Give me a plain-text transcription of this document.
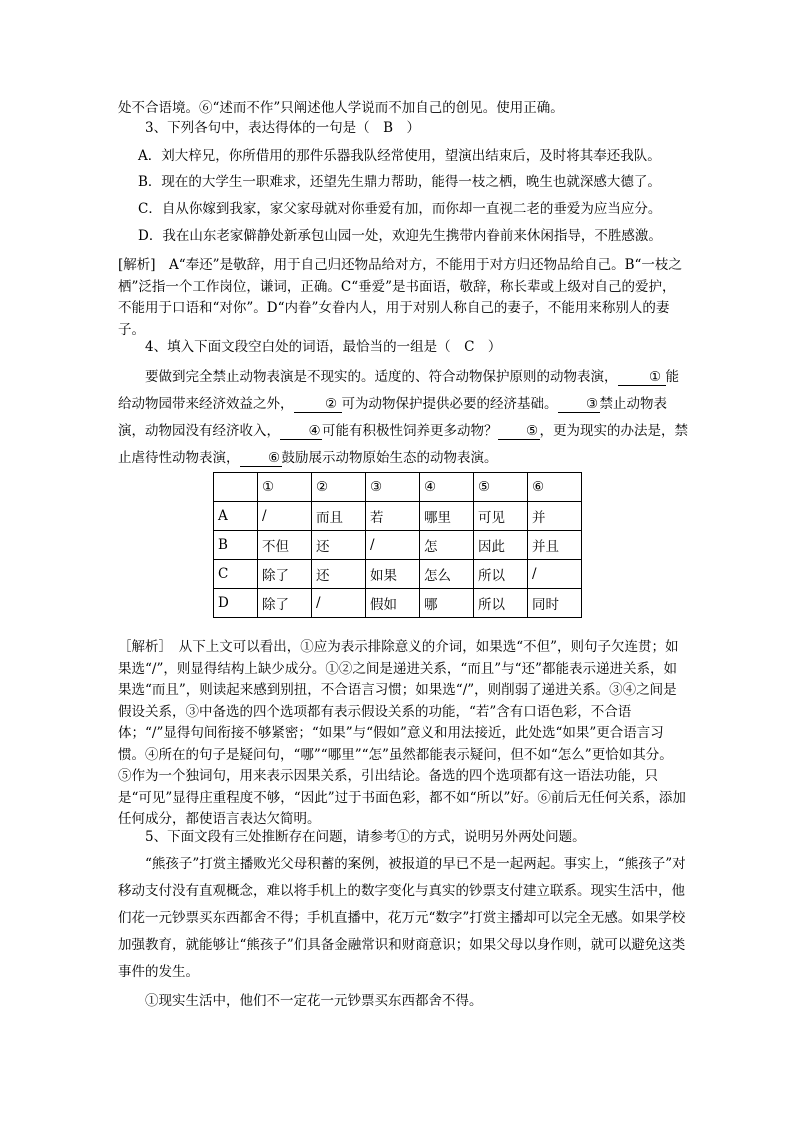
处不合语境。⑥“述而不作”只阐述他人学说而不加自己的创见。使用正确。
3、下列各句中，表达得体的一句是（　B　）
A．刘大梓兄，你所借用的那件乐器我队经常使用，望演出结束后，及时将其奉还我队。
B．现在的大学生一职难求，还望先生鼎力帮助，能得一枝之栖，晚生也就深感大德了。
C．自从你嫁到我家，家父家母就对你垂爱有加，而你却一直视二老的垂爱为应当应分。
D．我在山东老家僻静处新承包山园一处，欢迎先生携带内眷前来休闲指导，不胜感激。
[解析]　A“奉还”是敬辞，用于自己归还物品给对方，不能用于对方归还物品给自己。B“一枝之栖”泛指一个工作岗位，谦词，正确。C“垂爱”是书面语，敬辞，称长辈或上级对自己的爱护，不能用于口语和“对你”。D“内眷”女眷内人，用于对别人称自己的妻子，不能用来称别人的妻子。
4、填入下面文段空白处的词语，最恰当的一组是（　C　）
要做到完全禁止动物表演是不现实的。适度的、符合动物保护原则的动物表演， ① 能给动物园带来经济效益之外， ② 可为动物保护提供必要的经济基础。 ③禁止动物表演，动物园没有经济收入， ④可能有积极性饲养更多动物？ ⑤，更为现实的办法是，禁止虐待性动物表演， ⑥鼓励展示动物原始生态的动物表演。
	①	②	③	④	⑤	⑥
A	/	而且	若	哪里	可见	并
B	不但	还	/	怎	因此	并且
C	除了	还	如果	怎么	所以	/
D	除了	/	假如	哪	所以	同时
［解析］　从下上文可以看出，①应为表示排除意义的介词，如果选“不但”，则句子欠连贯；如果选“/”，则显得结构上缺少成分。①②之间是递进关系，“而且”与“还”都能表示递进关系，如果选“而且”，则读起来感到别扭，不合语言习惯；如果选“/”，则削弱了递进关系。③④之间是假设关系，③中备选的四个选项都有表示假设关系的功能，“若”含有口语色彩，不合语体；“/”显得句间衔接不够紧密；“如果”与“假如”意义和用法接近，此处选“如果”更合语言习惯。④所在的句子是疑问句，“哪”“哪里”“怎”虽然都能表示疑问，但不如“怎么”更恰如其分。⑤作为一个独词句，用来表示因果关系，引出结论。备选的四个选项都有这一语法功能，只是“可见”显得庄重程度不够，“因此”过于书面色彩，都不如“所以”好。⑥前后无任何关系，添加任何成分，都使语言表达欠简明。
5、下面文段有三处推断存在问题，请参考①的方式，说明另外两处问题。
“熊孩子”打赏主播败光父母积蓄的案例，被报道的早已不是一起两起。事实上，“熊孩子”对移动支付没有直观概念，难以将手机上的数字变化与真实的钞票支付建立联系。现实生活中，他们花一元钞票买东西都舍不得；手机直播中，花万元“数字”打赏主播却可以完全无感。如果学校加强教育，就能够让“熊孩子”们具备金融常识和财商意识；如果父母以身作则，就可以避免这类事件的发生。
①现实生活中，他们不一定花一元钞票买东西都舍不得。
